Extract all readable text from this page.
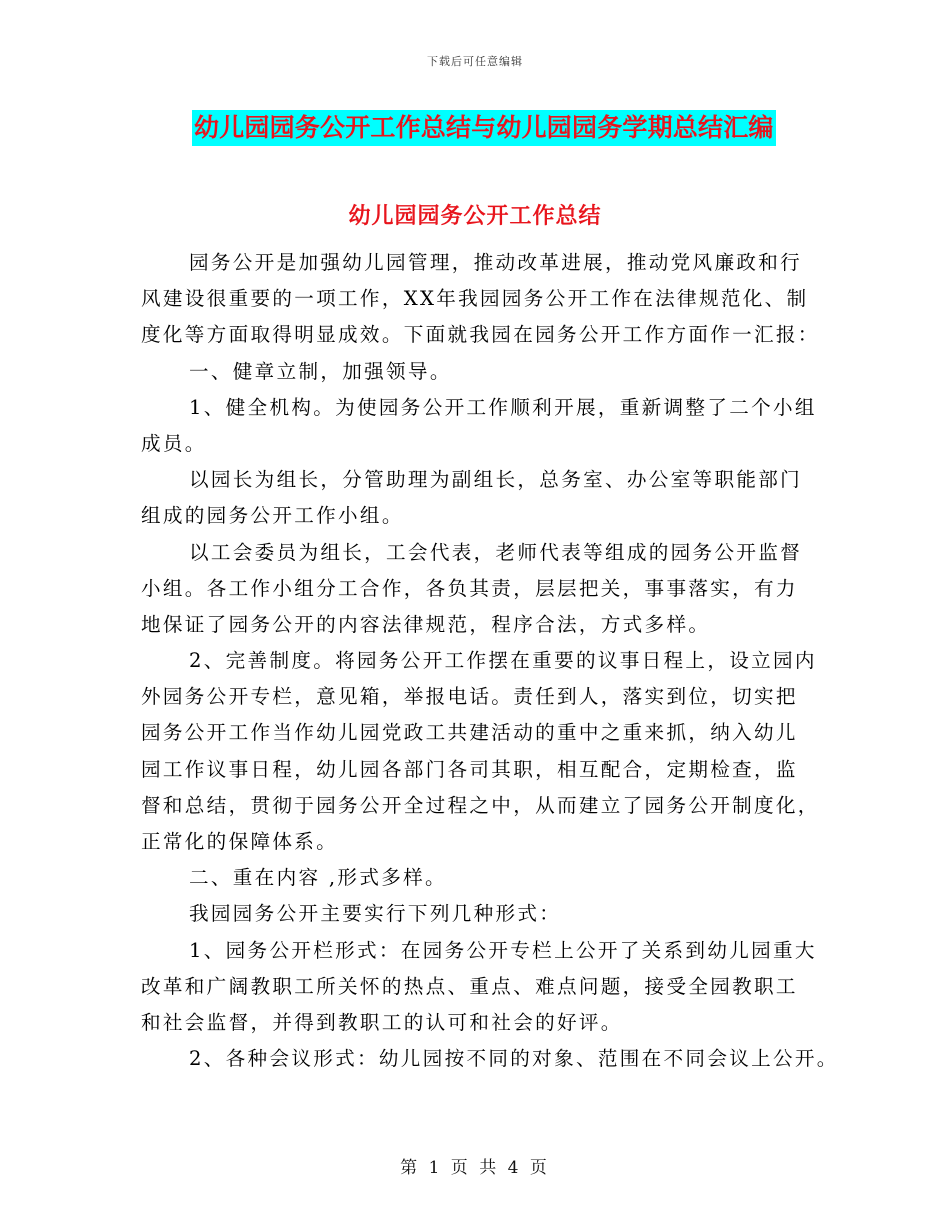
下载后可任意编辑
幼儿园园务公开工作总结与幼儿园园务学期总结汇编
幼儿园园务公开工作总结
园务公开是加强幼儿园管理，推动改革进展，推动党风廉政和行
风建设很重要的一项工作，XX年我园园务公开工作在法律规范化、制
度化等方面取得明显成效。下面就我园在园务公开工作方面作一汇报：
一、健章立制，加强领导。
1、健全机构。为使园务公开工作顺利开展，重新调整了二个小组
成员。
以园长为组长，分管助理为副组长，总务室、办公室等职能部门
组成的园务公开工作小组。
以工会委员为组长，工会代表，老师代表等组成的园务公开监督
小组。各工作小组分工合作，各负其责，层层把关，事事落实，有力
地保证了园务公开的内容法律规范，程序合法，方式多样。
2、完善制度。将园务公开工作摆在重要的议事日程上，设立园内
外园务公开专栏，意见箱，举报电话。责任到人，落实到位，切实把
园务公开工作当作幼儿园党政工共建活动的重中之重来抓，纳入幼儿
园工作议事日程，幼儿园各部门各司其职，相互配合，定期检查，监
督和总结，贯彻于园务公开全过程之中，从而建立了园务公开制度化，
正常化的保障体系。
二、重在内容 ,形式多样。
我园园务公开主要实行下列几种形式：
1、园务公开栏形式：在园务公开专栏上公开了关系到幼儿园重大
改革和广阔教职工所关怀的热点、重点、难点问题，接受全园教职工
和社会监督，并得到教职工的认可和社会的好评。
2、各种会议形式：幼儿园按不同的对象、范围在不同会议上公开。
第 1 页 共 4 页
